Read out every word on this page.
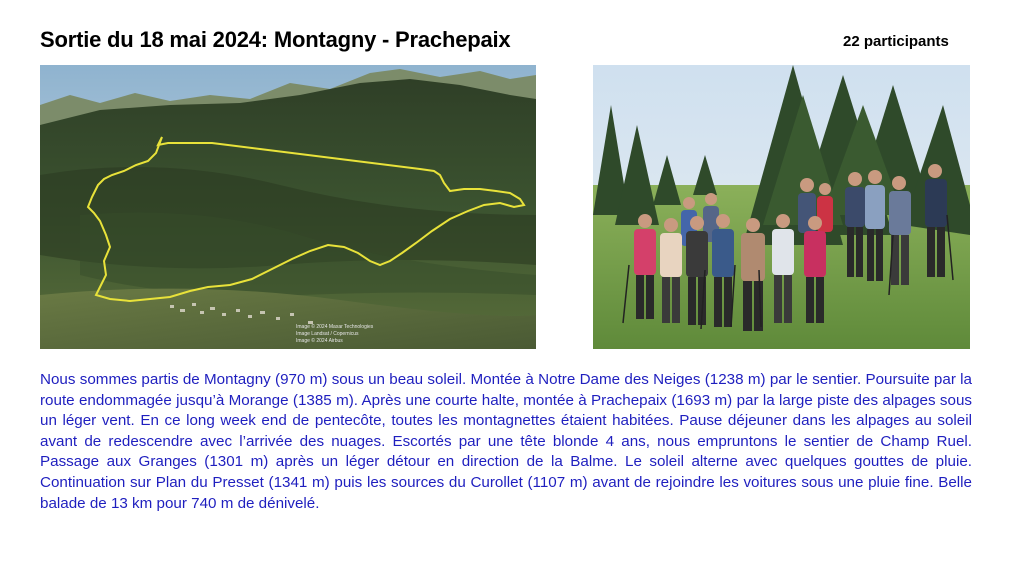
Sortie du 18 mai 2024: Montagny - Prachepaix	22 participants
Image © 2024 Maxar Technologies
Image Landsat / Copernicus
Image © 2024 Airbus

Nous sommes partis de Montagny (970 m) sous un beau soleil. Montée à Notre Dame des Neiges (1238 m) par le sentier. Poursuite par la route endommagée jusqu’à Morange (1385 m). Après une courte halte, montée à Prachepaix (1693 m) par la large piste des alpages sous un léger vent. En ce long week end de pentecôte, toutes les montagnettes étaient habitées. Pause déjeuner dans les alpages au soleil avant de redescendre avec l’arrivée des nuages. Escortés par une tête blonde 4 ans, nous empruntons le sentier de Champ Ruel. Passage aux Granges (1301 m) après un léger détour en direction de la Balme. Le soleil alterne avec quelques gouttes de pluie. Continuation sur Plan du Presset (1341 m) puis les sources du Curollet (1107 m) avant de rejoindre les voitures sous une pluie fine. Belle balade de 13 km pour 740 m de dénivelé.
